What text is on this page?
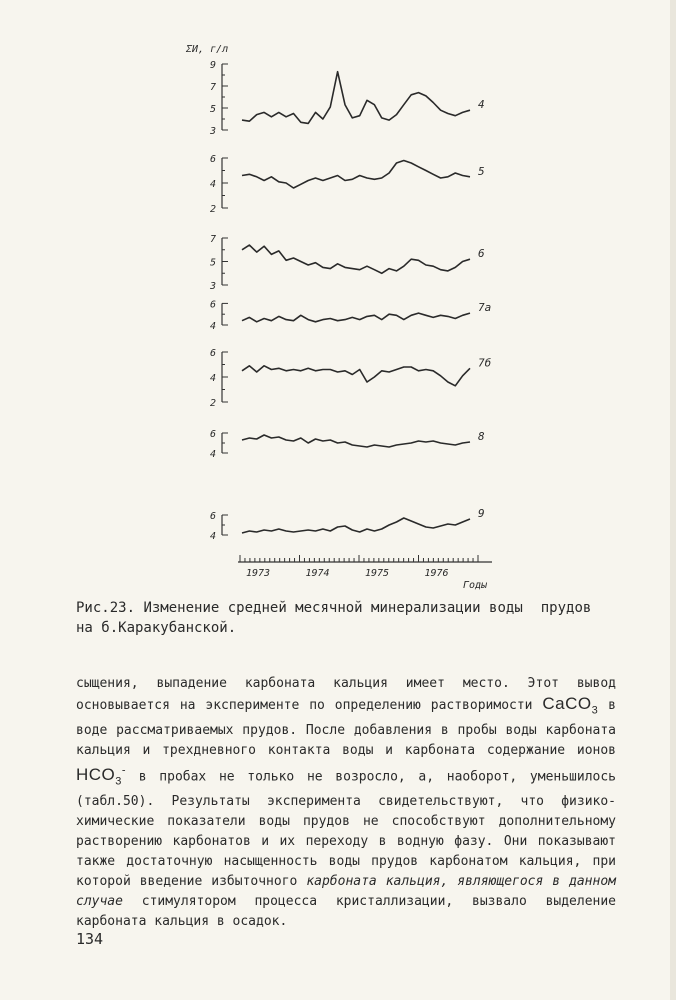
3
5
7
9
4
2
4
6
5
3
5
7
6
4
6	7а
2
4
6
7б
4
6	8
4
6	9
1973	1974	1975	1976
ΣИ, г/л
Годы
Рис.23. Изменение средней месячной минерализации воды прудов
на б.Каракубанской.

сыщения, выпадение карбоната кальция имеет место. Этот вывод основывается на эксперименте по определению растворимости CaCO$_3$ в воде рассматриваемых прудов. После добавления в пробы воды карбоната кальция и трехдневного контакта воды и карбоната содержание ионов $HCO_3^-$ в пробах не только не возросло, а, наоборот, уменьшилось (табл.50). Результаты эксперимента свидетельствуют, что физико-химические показатели воды прудов не способствуют дополнительному растворению карбонатов и их переходу в водную фазу. Они показывают также достаточную насыщенность воды прудов карбонатом кальция, при которой введение избыточного карбоната кальция, являющегося в данном случае стимулятором процесса кристаллизации, вызвало выделение карбоната кальция в осадок.

134
